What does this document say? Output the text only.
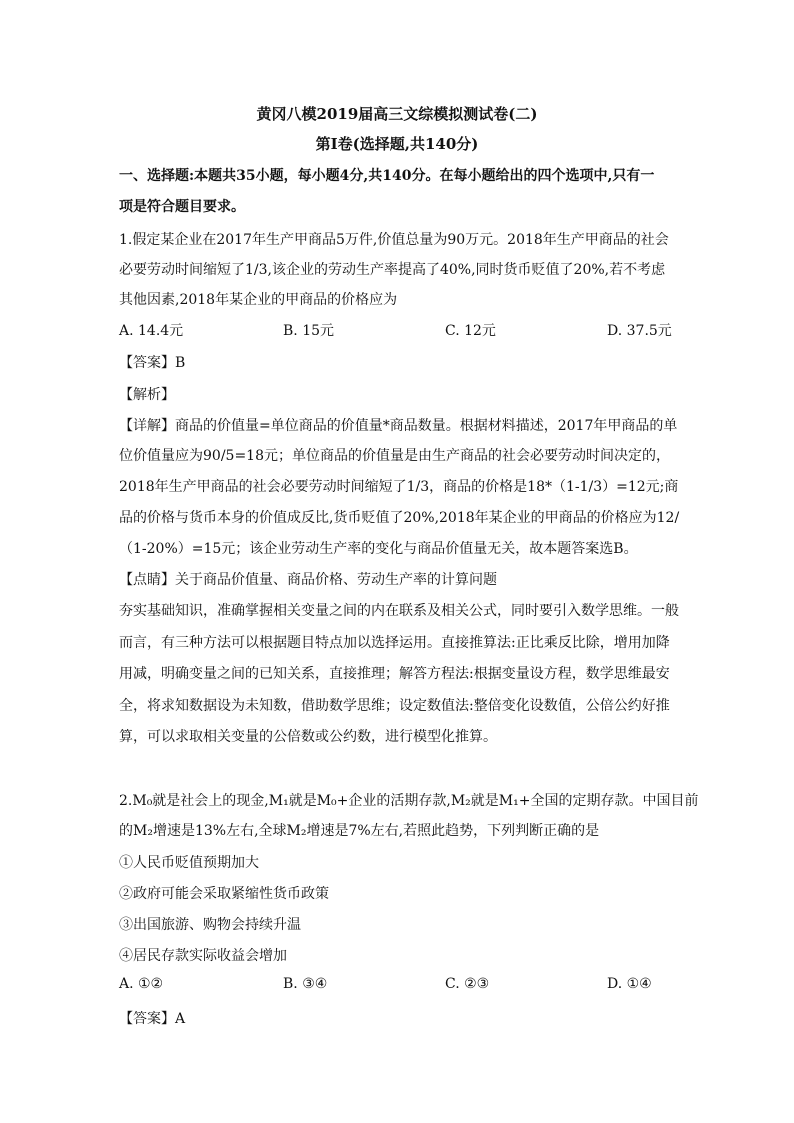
黄冈八模2019届高三文综模拟测试卷(二)
第Ⅰ卷(选择题,共140分)
一、选择题:本题共35小题，每小题4分,共140分。在每小题给出的四个选项中,只有一
项是符合题目要求。
1.假定某企业在2017年生产甲商品5万件,价值总量为90万元。2018年生产甲商品的社会
必要劳动时间缩短了1/3,该企业的劳动生产率提高了40%,同时货币贬值了20%,若不考虑
其他因素,2018年某企业的甲商品的价格应为
A. 14.4元	B. 15元	C. 12元	D. 37.5元
【答案】B
【解析】
【详解】商品的价值量=单位商品的价值量*商品数量。根据材料描述，2017年甲商品的单
位价值量应为90/5=18元；单位商品的价值量是由生产商品的社会必要劳动时间决定的，
2018年生产甲商品的社会必要劳动时间缩短了1/3，商品的价格是18*（1-1/3）=12元;商
品的价格与货币本身的价值成反比,货币贬值了20%,2018年某企业的甲商品的价格应为12/
（1-20%）=15元；该企业劳动生产率的变化与商品价值量无关，故本题答案选B。
【点睛】关于商品价值量、商品价格、劳动生产率的计算问题
夯实基础知识，准确掌握相关变量之间的内在联系及相关公式，同时要引入数学思维。一般
而言，有三种方法可以根据题目特点加以选择运用。直接推算法:正比乘反比除，增用加降
用减，明确变量之间的已知关系，直接推理；解答方程法:根据变量设方程，数学思维最安
全，将求知数据设为未知数，借助数学思维；设定数值法:整倍变化设数值，公倍公约好推
算，可以求取相关变量的公倍数或公约数，进行模型化推算。
2.M₀就是社会上的现金,M₁就是M₀+企业的活期存款,M₂就是M₁+全国的定期存款。中国目前
的M₂增速是13%左右,全球M₂增速是7%左右,若照此趋势，下列判断正确的是
①人民币贬值预期加大
②政府可能会采取紧缩性货币政策
③出国旅游、购物会持续升温
④居民存款实际收益会增加
A. ①②	B. ③④	C. ②③	D. ①④
【答案】A
